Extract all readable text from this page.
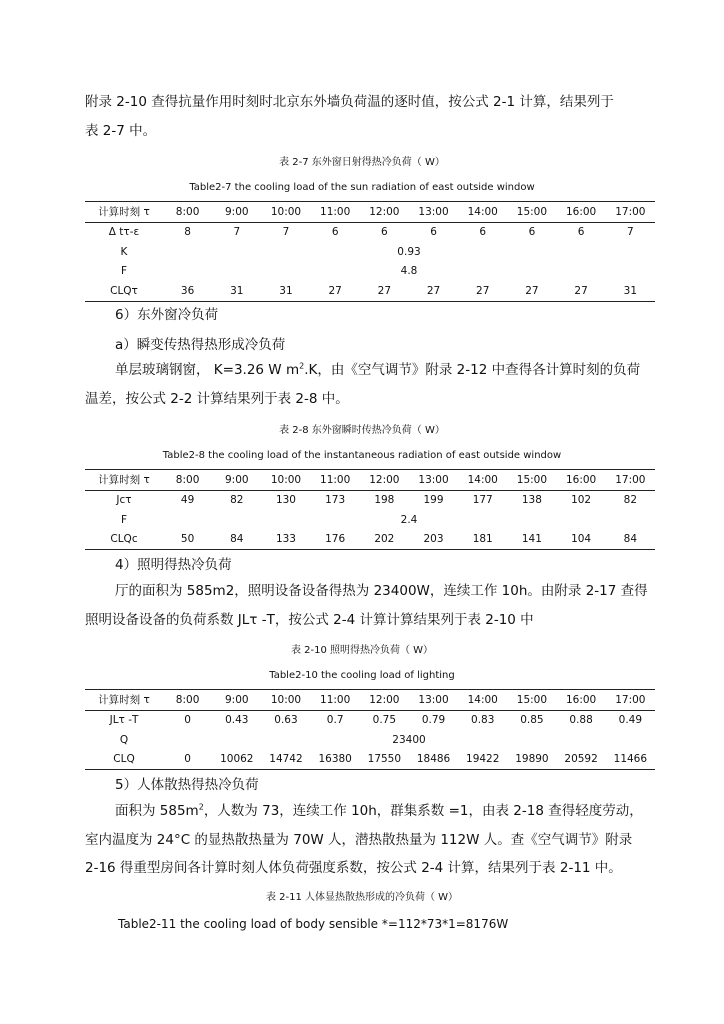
附录 2-10 查得抗量作用时刻时北京东外墙负荷温的逐时值，按公式 2-1 计算，结果列于
表 2-7 中。
表 2-7 东外窗日射得热冷负荷（ W）
Table2-7 the cooling load of the sun radiation of east outside window
计算时刻 τ	8:00	9:00	10:00	11:00	12:00	13:00	14:00	15:00	16:00	17:00
Δ tτ-ε	8	7	7	6	6	6	6	6	6	7
K	0.93									
F	4.8									
CLQτ	36	31	31	27	27	27	27	27	27	31
6）东外窗冷负荷
a）瞬变传热得热形成冷负荷
单层玻璃钢窗， K=3.26 W $m^2.K$，由《空气调节》附录 2-12 中查得各计算时刻的负荷
温差，按公式 2-2 计算结果列于表 2-8 中。
表 2-8 东外窗瞬时传热冷负荷（ W）
Table2-8 the cooling load of the instantaneous radiation of east outside window
计算时刻 τ	8:00	9:00	10:00	11:00	12:00	13:00	14:00	15:00	16:00	17:00
Jcτ	49	82	130	173	198	199	177	138	102	82
F	2.4									
CLQc	50	84	133	176	202	203	181	141	104	84
4）照明得热冷负荷
厅的面积为 585m2，照明设备设备得热为 23400W，连续工作 10h。由附录 2-17 查得
照明设备设备的负荷系数 JLτ -T，按公式 2-4 计算计算结果列于表 2-10 中
表 2-10 照明得热冷负荷（ W）
Table2-10 the cooling load of lighting
计算时刻 τ	8:00	9:00	10:00	11:00	12:00	13:00	14:00	15:00	16:00	17:00
JLτ -T	0	0.43	0.63	0.7	0.75	0.79	0.83	0.85	0.88	0.49
Q	23400									
CLQ	0	10062	14742	16380	17550	18486	19422	19890	20592	11466
5）人体散热得热冷负荷
面积为 $585m^2$，人数为 73，连续工作 10h，群集系数 =1，由表 2-18 查得轻度劳动，
室内温度为 24°C 的显热散热量为 70W 人，潜热散热量为 112W 人。查《空气调节》附录
2-16 得重型房间各计算时刻人体负荷强度系数，按公式 2-4 计算，结果列于表 2-11 中。
表 2-11 人体显热散热形成的冷负荷（ W）
Table2-11 the cooling load of body sensible *=112*73*1=8176W
